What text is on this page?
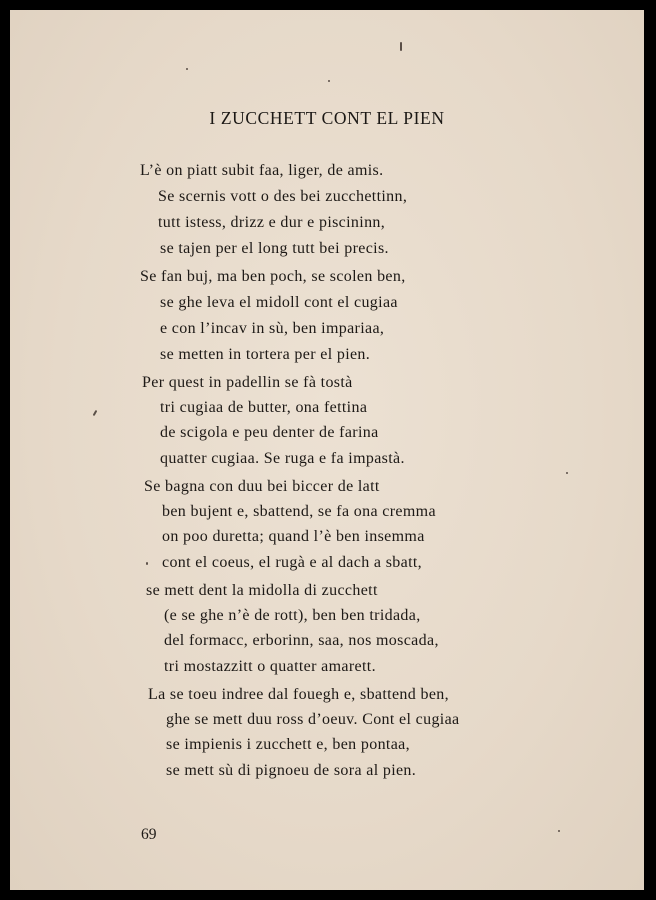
I ZUCCHETT CONT EL PIEN
L’è on piatt subit faa, liger, de amis.
Se scernis vott o des bei zucchettinn,
tutt istess, drizz e dur e piscininn,
se tajen per el long tutt bei precis.
Se fan buj, ma ben poch, se scolen ben,
se ghe leva el midoll cont el cugiaa
e con l’incav in sù, ben impariaa,
se metten in tortera per el pien.
Per quest in padellin se fà tostà
tri cugiaa de butter, ona fettina
de scigola e peu denter de farina
quatter cugiaa. Se ruga e fa impastà.
Se bagna con duu bei biccer de latt
ben bujent e, sbattend, se fa ona cremma
on poo duretta; quand l’è ben insemma
cont el coeus, el rugà e al dach a sbatt,
se mett dent la midolla di zucchett
(e se ghe n’è de rott), ben ben tridada,
del formacc, erborinn, saa, nos moscada,
tri mostazzitt o quatter amarett.
La se toeu indree dal fouegh e, sbattend ben,
ghe se mett duu ross d’oeuv. Cont el cugiaa
se impienis i zucchett e, ben pontaa,
se mett sù di pignoeu de sora al pien.
69
